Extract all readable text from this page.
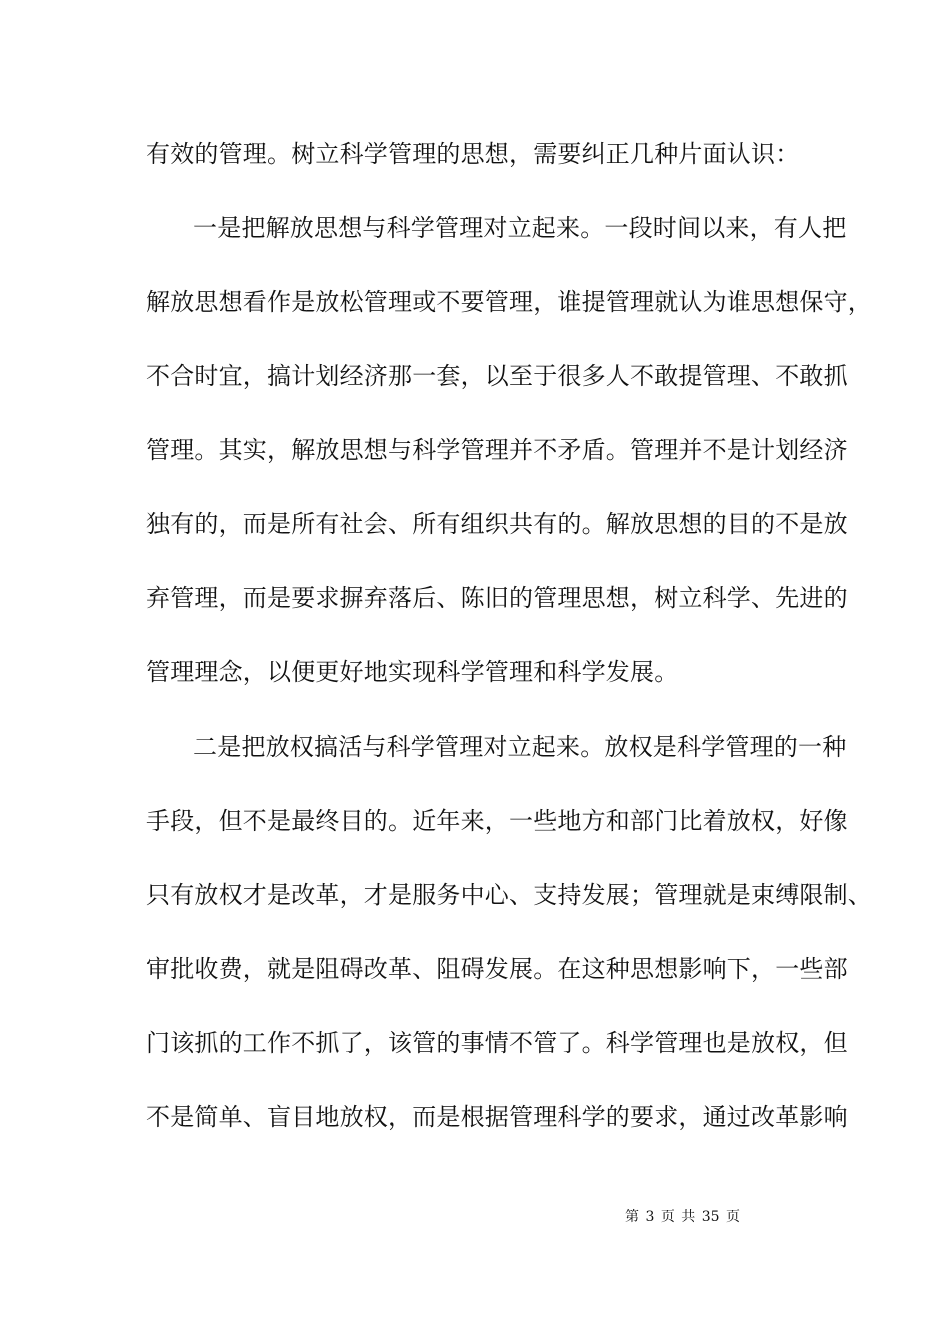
有效的管理。树立科学管理的思想，需要纠正几种片面认识：
一是把解放思想与科学管理对立起来。一段时间以来，有人把
解放思想看作是放松管理或不要管理，谁提管理就认为谁思想保守，
不合时宜，搞计划经济那一套，以至于很多人不敢提管理、不敢抓
管理。其实，解放思想与科学管理并不矛盾。管理并不是计划经济
独有的，而是所有社会、所有组织共有的。解放思想的目的不是放
弃管理，而是要求摒弃落后、陈旧的管理思想，树立科学、先进的
管理理念，以便更好地实现科学管理和科学发展。
二是把放权搞活与科学管理对立起来。放权是科学管理的一种
手段，但不是最终目的。近年来，一些地方和部门比着放权，好像
只有放权才是改革，才是服务中心、支持发展；管理就是束缚限制、
审批收费，就是阻碍改革、阻碍发展。在这种思想影响下，一些部
门该抓的工作不抓了，该管的事情不管了。科学管理也是放权，但
不是简单、盲目地放权，而是根据管理科学的要求，通过改革影响
第 3 页 共 35 页
